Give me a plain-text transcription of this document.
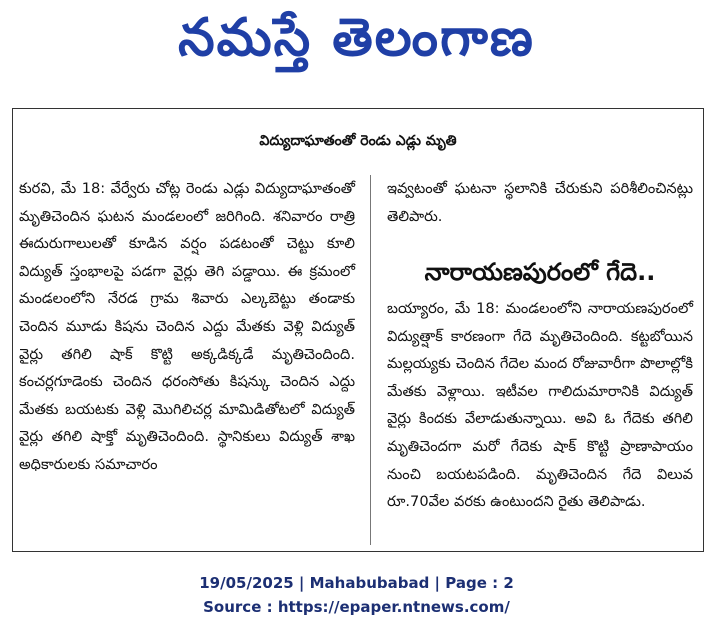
నమస్తే తెలంగాణ
విద్యుదాఘాతంతో రెండు ఎడ్లు మృతి
కురవి, మే 18: వేర్వేరు చోట్ల రెండు ఎడ్లు విద్యుదాఘాతంతో మృతిచెందిన ఘటన మండలంలో జరిగింది. శనివారం రాత్రి ఈదురుగాలులతో కూడిన వర్షం పడటంతో చెట్టు కూలి విద్యుత్ స్తంభాలపై పడగా వైర్లు తెగి పడ్డాయి. ఈ క్రమంలో మండలంలోని నేరడ గ్రామ శివారు ఎల్కబెట్టు తండాకు చెందిన మూడు కిషను చెందిన ఎద్దు మేతకు వెళ్లి విద్యుత్ వైర్లు తగిలి షాక్ కొట్టి అక్కడిక్కడే మృతిచెందింది. కంచర్లగూడెంకు చెందిన ధరంసోతు కిషన్కు చెందిన ఎద్దు మేతకు బయటకు వెళ్లి మొగిలిచర్ల మామిడితోటలో విద్యుత్ వైర్లు తగిలి షాక్తో మృతిచెందింది. స్థానికులు విద్యుత్ శాఖ అధికారులకు సమాచారం
ఇవ్వటంతో ఘటనా స్థలానికి చేరుకుని పరిశీలించినట్లు తెలిపారు.
నారాయణపురంలో గేదె..
బయ్యారం, మే 18: మండలంలోని నారాయణపురంలో విద్యుత్షాక్ కారణంగా గేదె మృతిచెందింది. కట్టబోయిన మల్లయ్యకు చెందిన గేదెల మంద రోజువారీగా పొలాల్లోకి మేతకు వెళ్లాయి. ఇటీవల గాలిదుమారానికి విద్యుత్ వైర్లు కిందకు వేలాడుతున్నాయి. అవి ఓ గేదెకు తగిలి మృతిచెందగా మరో గేదెకు షాక్ కొట్టి ప్రాణాపాయం నుంచి బయటపడింది. మృతిచెందిన గేదె విలువ రూ.70వేల వరకు ఉంటుందని రైతు తెలిపాడు.
19/05/2025 | Mahabubabad | Page : 2
Source : https://epaper.ntnews.com/
